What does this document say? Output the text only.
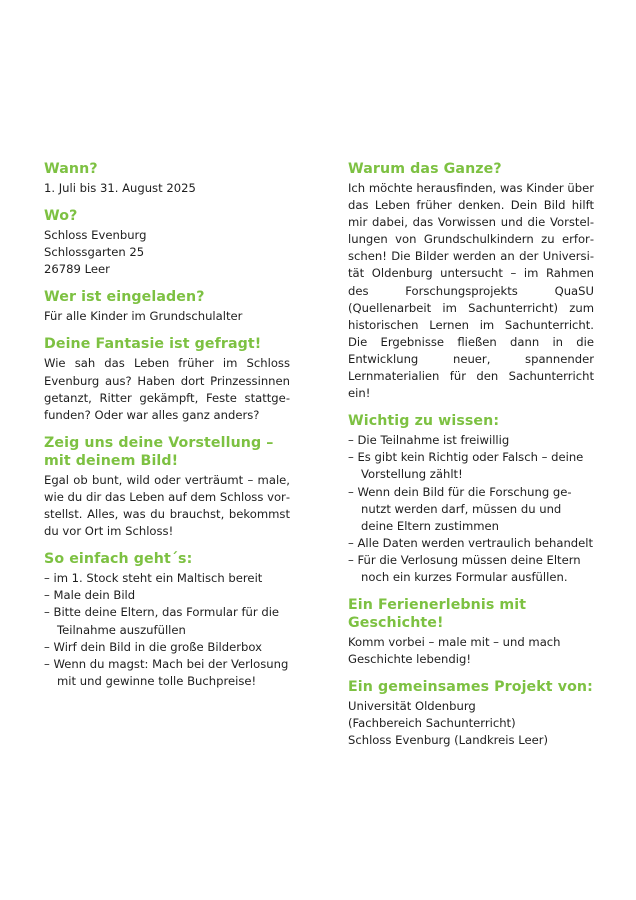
Wann?
1. Juli bis 31. August 2025
Wo?
Schloss Evenburg
Schlossgarten 25
26789 Leer
Wer ist eingeladen?
Für alle Kinder im Grundschulalter
Deine Fantasie ist gefragt!
Wie sah das Leben früher im Schloss Evenburg aus? Haben dort Prinzessinnen getanzt, Ritter gekämpft, Feste stattgefunden? Oder war alles ganz anders?
Zeig uns deine Vorstellung – mit deinem Bild!
Egal ob bunt, wild oder verträumt – male, wie du dir das Leben auf dem Schloss vorstellst. Alles, was du brauchst, bekommst du vor Ort im Schloss!
So einfach geht´s:
– im 1. Stock steht ein Maltisch bereit
– Male dein Bild
– Bitte deine Eltern, das Formular für die Teilnahme auszufüllen
– Wirf dein Bild in die große Bilderbox
– Wenn du magst: Mach bei der Verlosung mit und gewinne tolle Buchpreise!
Warum das Ganze?
Ich möchte herausfinden, was Kinder über das Leben früher denken. Dein Bild hilft mir dabei, das Vorwissen und die Vorstellungen von Grundschulkindern zu erforschen! Die Bilder werden an der Universität Oldenburg untersucht – im Rahmen des Forschungsprojekts QuaSU (Quellenarbeit im Sachunterricht) zum historischen Lernen im Sachunterricht. Die Ergebnisse fließen dann in die Entwicklung neuer, spannender Lernmaterialien für den Sachunterricht ein!
Wichtig zu wissen:
– Die Teilnahme ist freiwillig
– Es gibt kein Richtig oder Falsch – deine Vorstellung zählt!
– Wenn dein Bild für die Forschung genutzt werden darf, müssen du und deine Eltern zustimmen
– Alle Daten werden vertraulich behandelt
– Für die Verlosung müssen deine Eltern noch ein kurzes Formular ausfüllen.
Ein Ferienerlebnis mit Geschichte!
Komm vorbei – male mit – und mach Geschichte lebendig!
Ein gemeinsames Projekt von:
Universität Oldenburg
(Fachbereich Sachunterricht)
Schloss Evenburg (Landkreis Leer)
